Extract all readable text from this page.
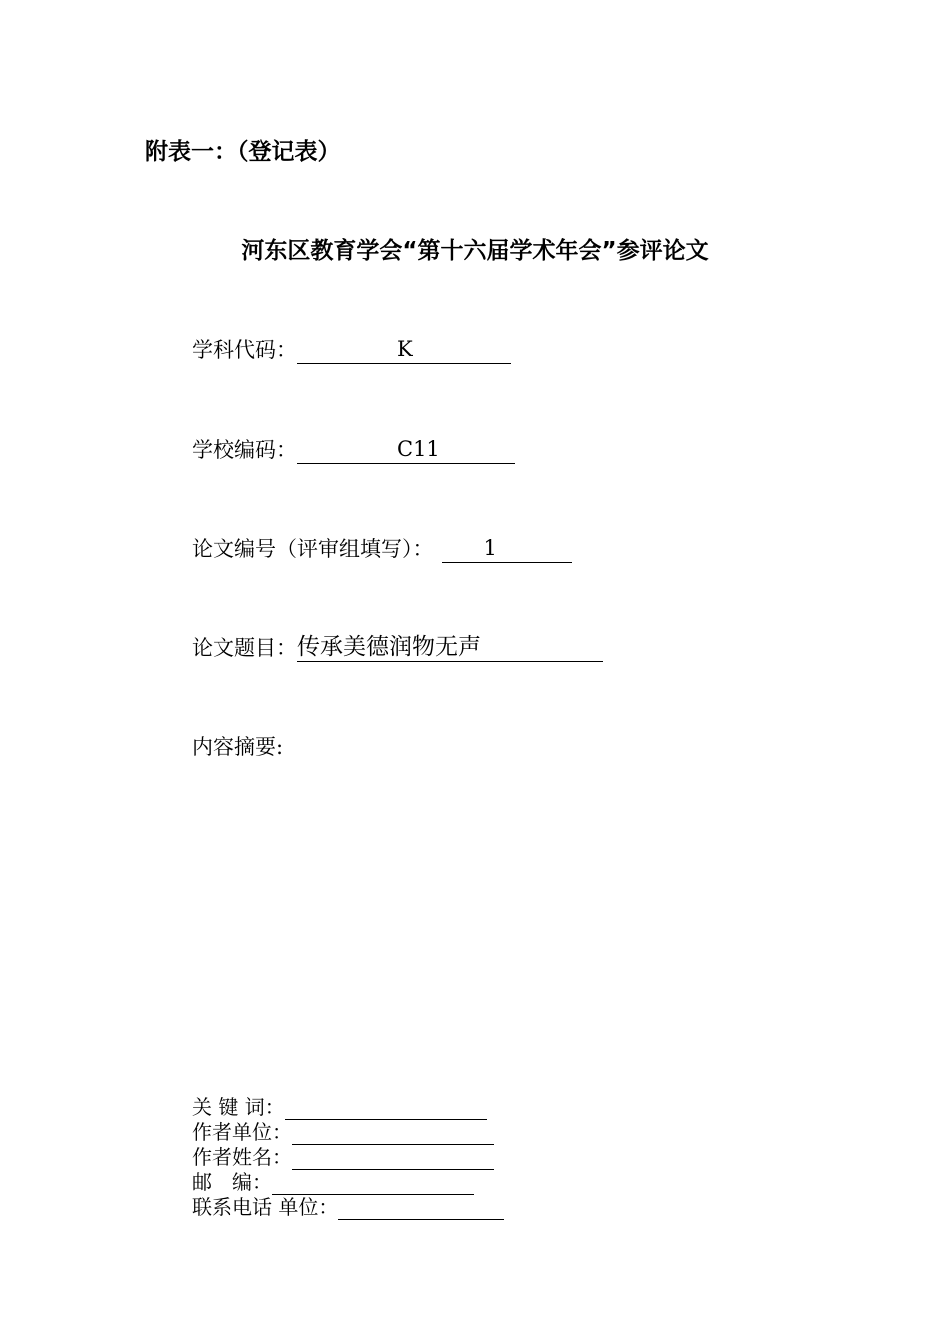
附表一：（登记表）
河东区教育学会“第十六届学术年会”参评论文
学科代码：	K
学校编码：	C11
论文编号（评审组填写）： 1
论文题目： 传承美德润物无声
内容摘要:
关 键 词：
作者单位：
作者姓名：
邮　编：
联系电话 单位：
